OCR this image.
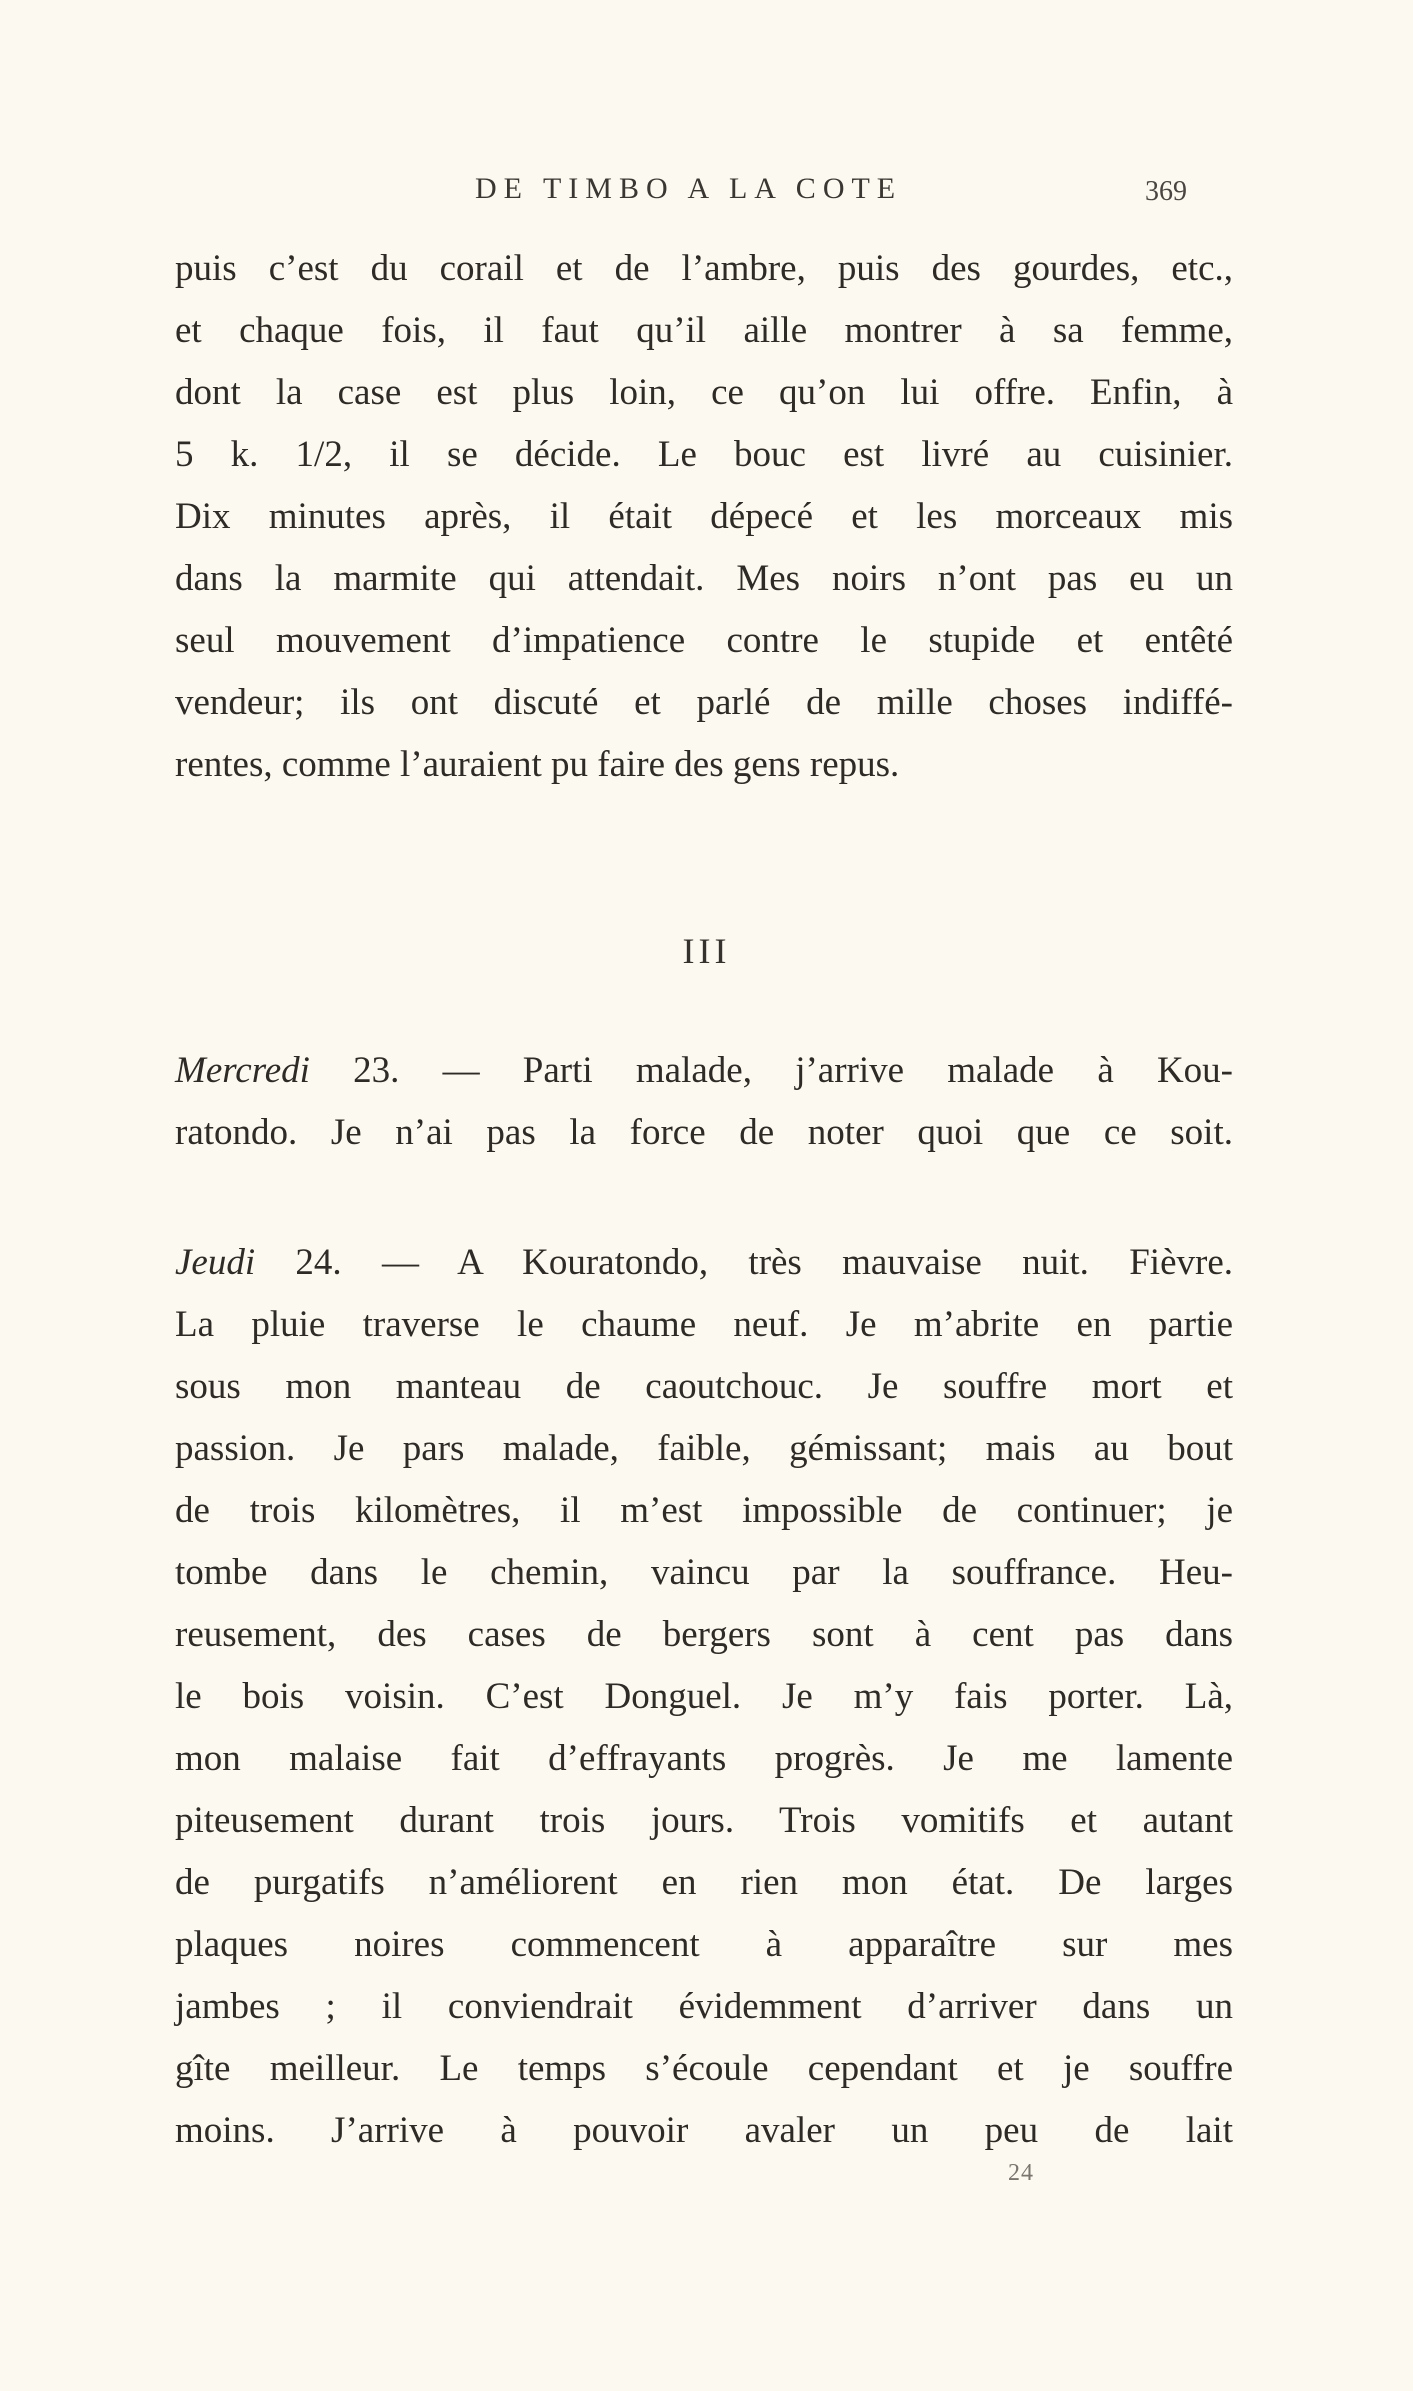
DE TIMBO A LA COTE	369
puis c’est du corail et de l’ambre, puis des gourdes, etc.,
et chaque fois, il faut qu’il aille montrer à sa femme,
dont la case est plus loin, ce qu’on lui offre. Enfin, à
5 k. 1/2, il se décide. Le bouc est livré au cuisinier.
Dix minutes après, il était dépecé et les morceaux mis
dans la marmite qui attendait. Mes noirs n’ont pas eu un
seul mouvement d’impatience contre le stupide et entêté
vendeur; ils ont discuté et parlé de mille choses indiffé-
rentes, comme l’auraient pu faire des gens repus.
III
Mercredi 23. — Parti malade, j’arrive malade à Kou-
ratondo. Je n’ai pas la force de noter quoi que ce soit.
Jeudi 24. — A Kouratondo, très mauvaise nuit. Fièvre.
La pluie traverse le chaume neuf. Je m’abrite en partie
sous mon manteau de caoutchouc. Je souffre mort et
passion. Je pars malade, faible, gémissant; mais au bout
de trois kilomètres, il m’est impossible de continuer; je
tombe dans le chemin, vaincu par la souffrance. Heu-
reusement, des cases de bergers sont à cent pas dans
le bois voisin. C’est Donguel. Je m’y fais porter. Là,
mon malaise fait d’effrayants progrès. Je me lamente
piteusement durant trois jours. Trois vomitifs et autant
de purgatifs n’améliorent en rien mon état. De larges
plaques noires commencent à apparaître sur mes
jambes ; il conviendrait évidemment d’arriver dans un
gîte meilleur. Le temps s’écoule cependant et je souffre
moins. J’arrive à pouvoir avaler un peu de lait
24
